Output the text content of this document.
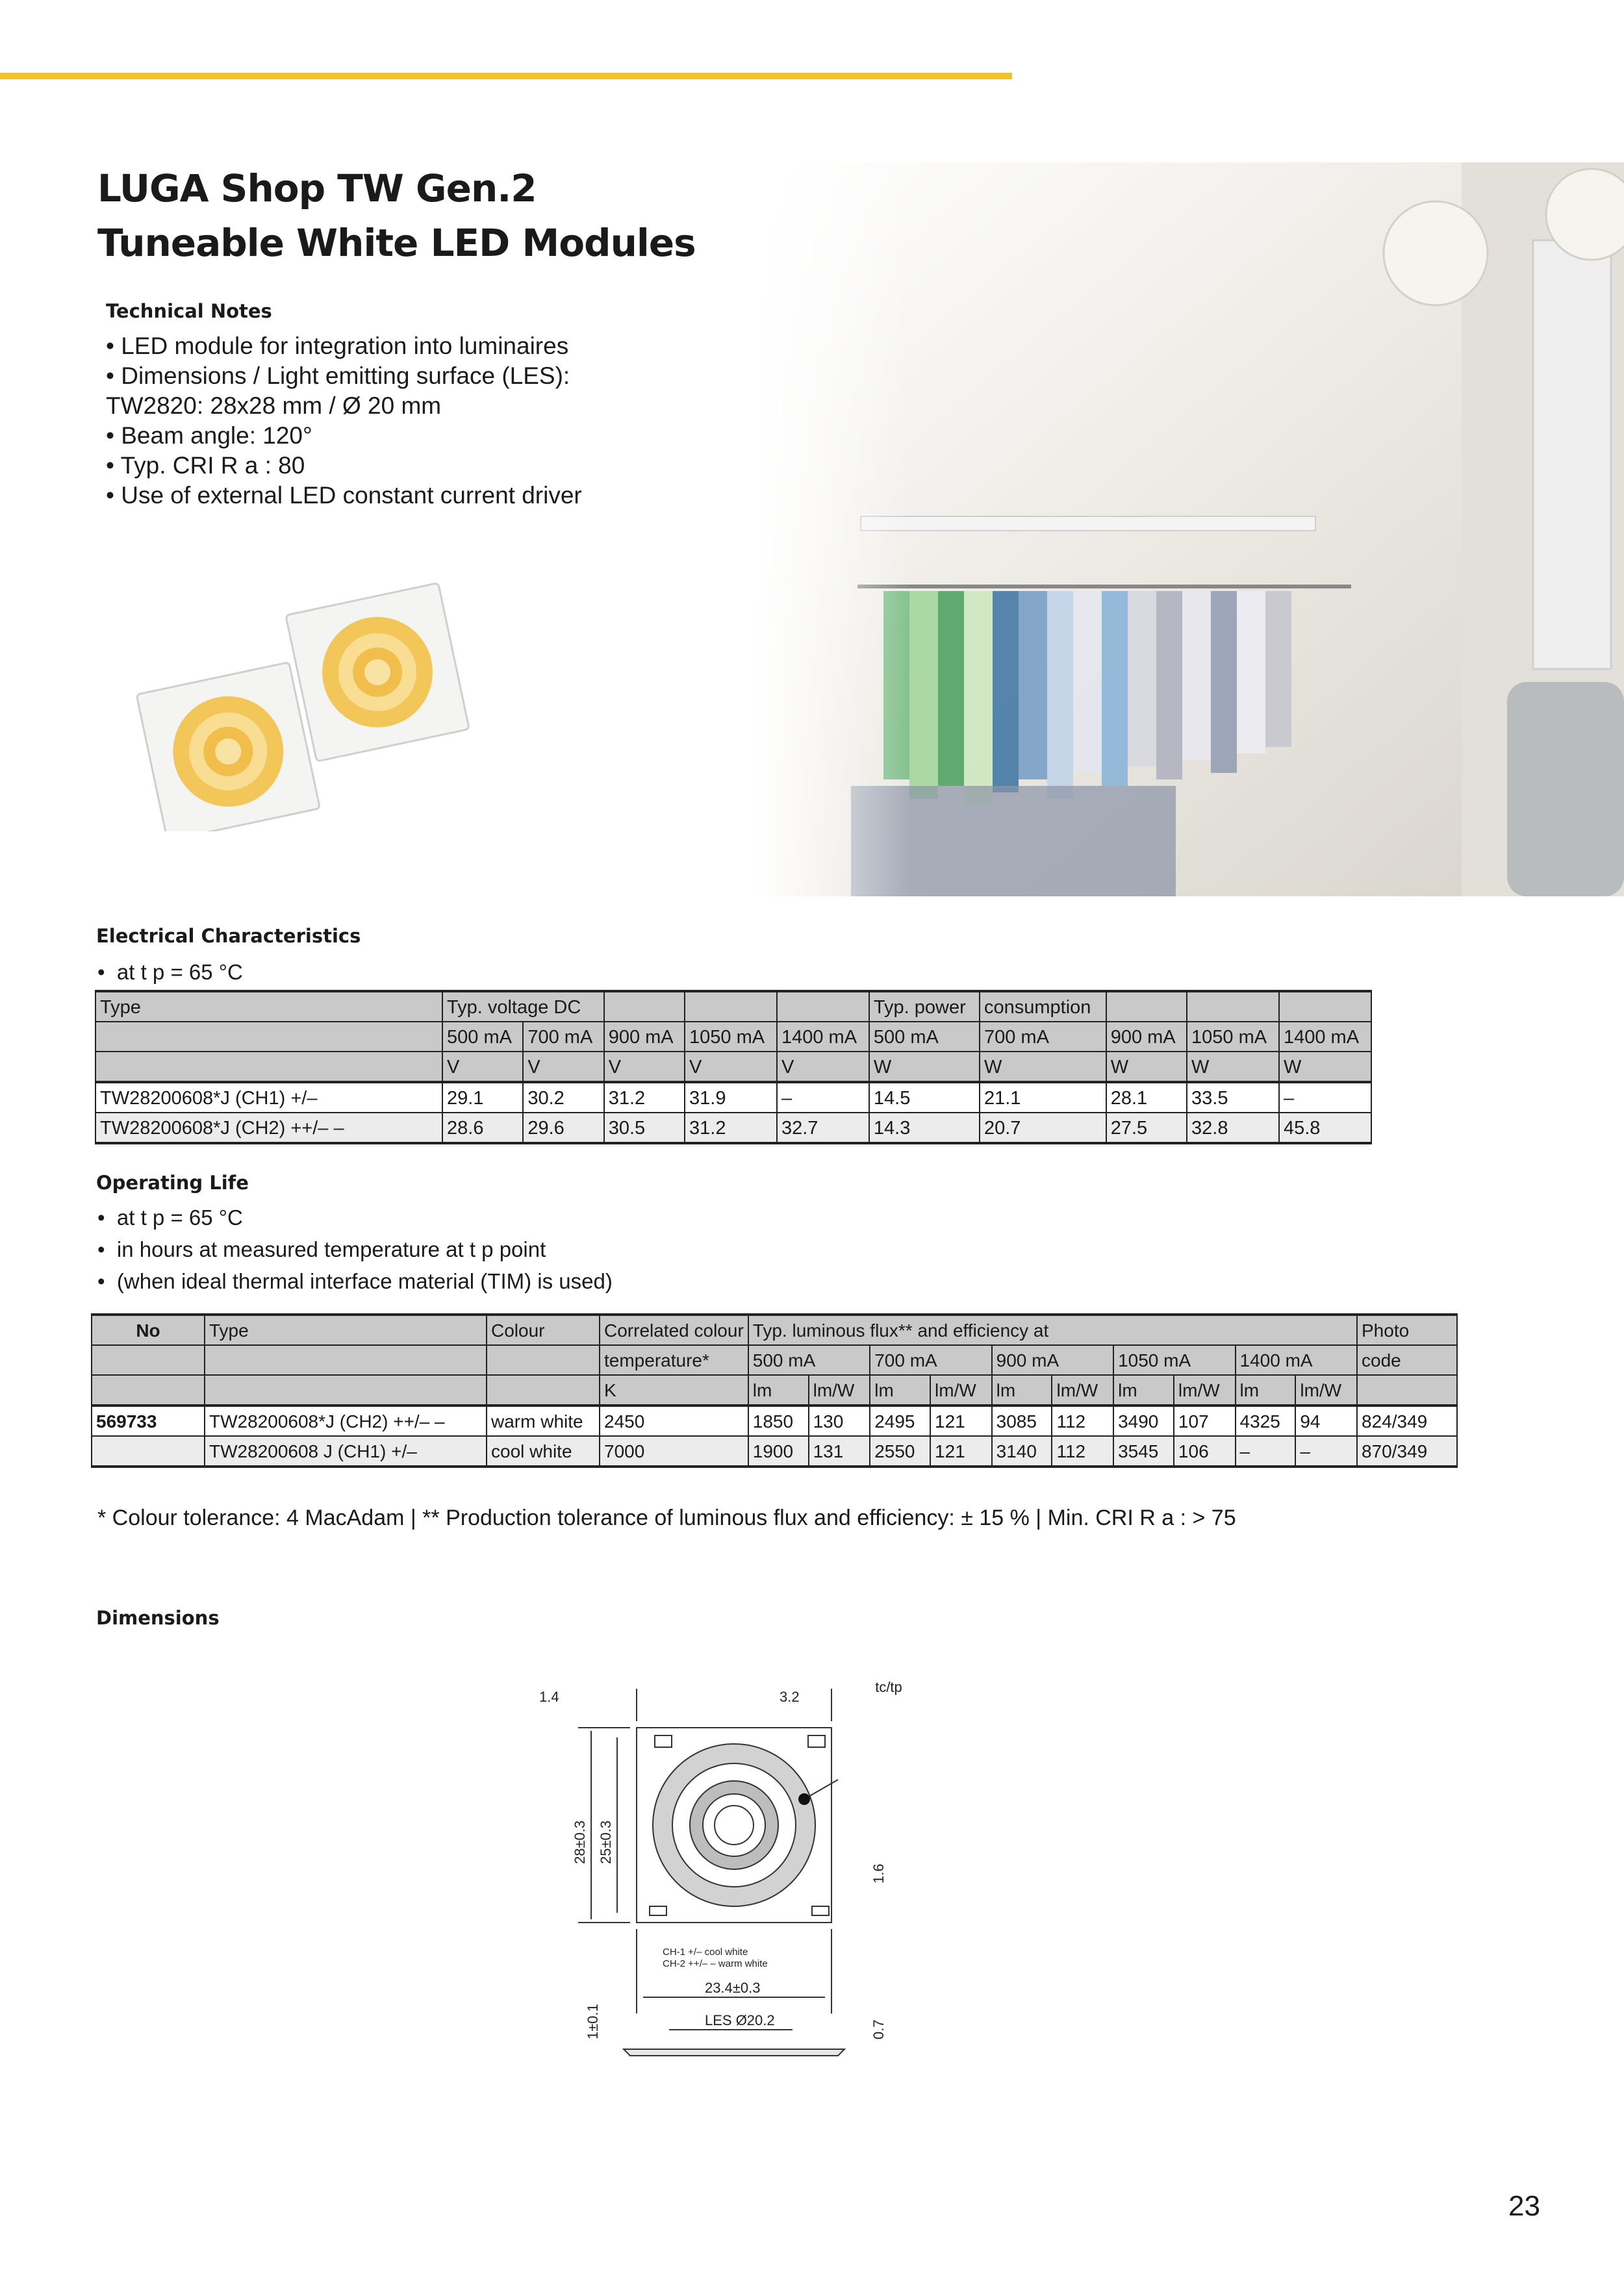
LUGA Shop TW Gen.2
Tuneable White LED Modules
Technical Notes
• LED module for integration into luminaires
• Dimensions / Light emitting surface (LES):
TW2820: 28x28 mm / Ø 20 mm
• Beam angle: 120°
• Typ. CRI R a : 80
• Use of external LED constant current driver
Electrical Characteristics
•  at t p = 65 °C
Type	Typ. voltage DC					Typ. power	consumption			
	500 mA	700 mA	900 mA	1050 mA	1400 mA	500 mA	700 mA	900 mA	1050 mA	1400 mA
	V	V	V	V	V	W	W	W	W	W
TW28200608*J (CH1) +/–	29.1	30.2	31.2	31.9	–	14.5	21.1	28.1	33.5	–
TW28200608*J (CH2) ++/– –	28.6	29.6	30.5	31.2	32.7	14.3	20.7	27.5	32.8	45.8
Operating Life
•  at t p = 65 °C
•  in hours at measured temperature at t p point
•  (when ideal thermal interface material (TIM) is used)
No	Type	Colour	Correlated colour	Typ. luminous flux** and efficiency at										Photo
			temperature*	500 mA		700 mA		900 mA		1050 mA		1400 mA		code
			K	lm	lm/W	lm	lm/W	lm	lm/W	lm	lm/W	lm	lm/W	
569733	TW28200608*J (CH2) ++/– –	warm white	2450	1850	130	2495	121	3085	112	3490	107	4325	94	824/349
	TW28200608 J (CH1) +/–	cool white	7000	1900	131	2550	121	3140	112	3545	106	–	–	870/349

* Colour tolerance: 4 MacAdam | ** Production tolerance of luminous flux and efficiency: ± 15 % | Min. CRI R a : > 75

Dimensions
1.4	3.2
tc/tp
28±0.3 25±0.3
1.6
CH-1 +/– cool white
CH-2 ++/– – warm white
23.4±0.3
LES Ø20.2
1±0.1	0.7

23
